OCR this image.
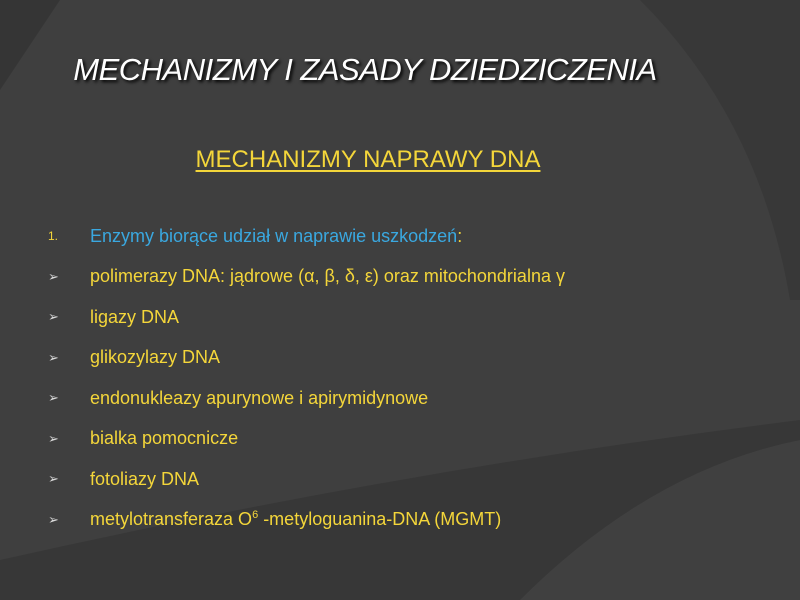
MECHANIZMY I ZASADY DZIEDZICZENIA
MECHANIZMY NAPRAWY DNA
1.	Enzymy biorące udział w naprawie uszkodzeń:
➢	polimerazy DNA: jądrowe (α, β, δ, ε) oraz mitochondrialna γ
➢	ligazy DNA
➢	glikozylazy DNA
➢	endonukleazy apurynowe i apirymidynowe
➢	bialka pomocnicze
➢	fotoliazy DNA
➢	metylotransferaza $O^6$ -metyloguanina-DNA (MGMT)
